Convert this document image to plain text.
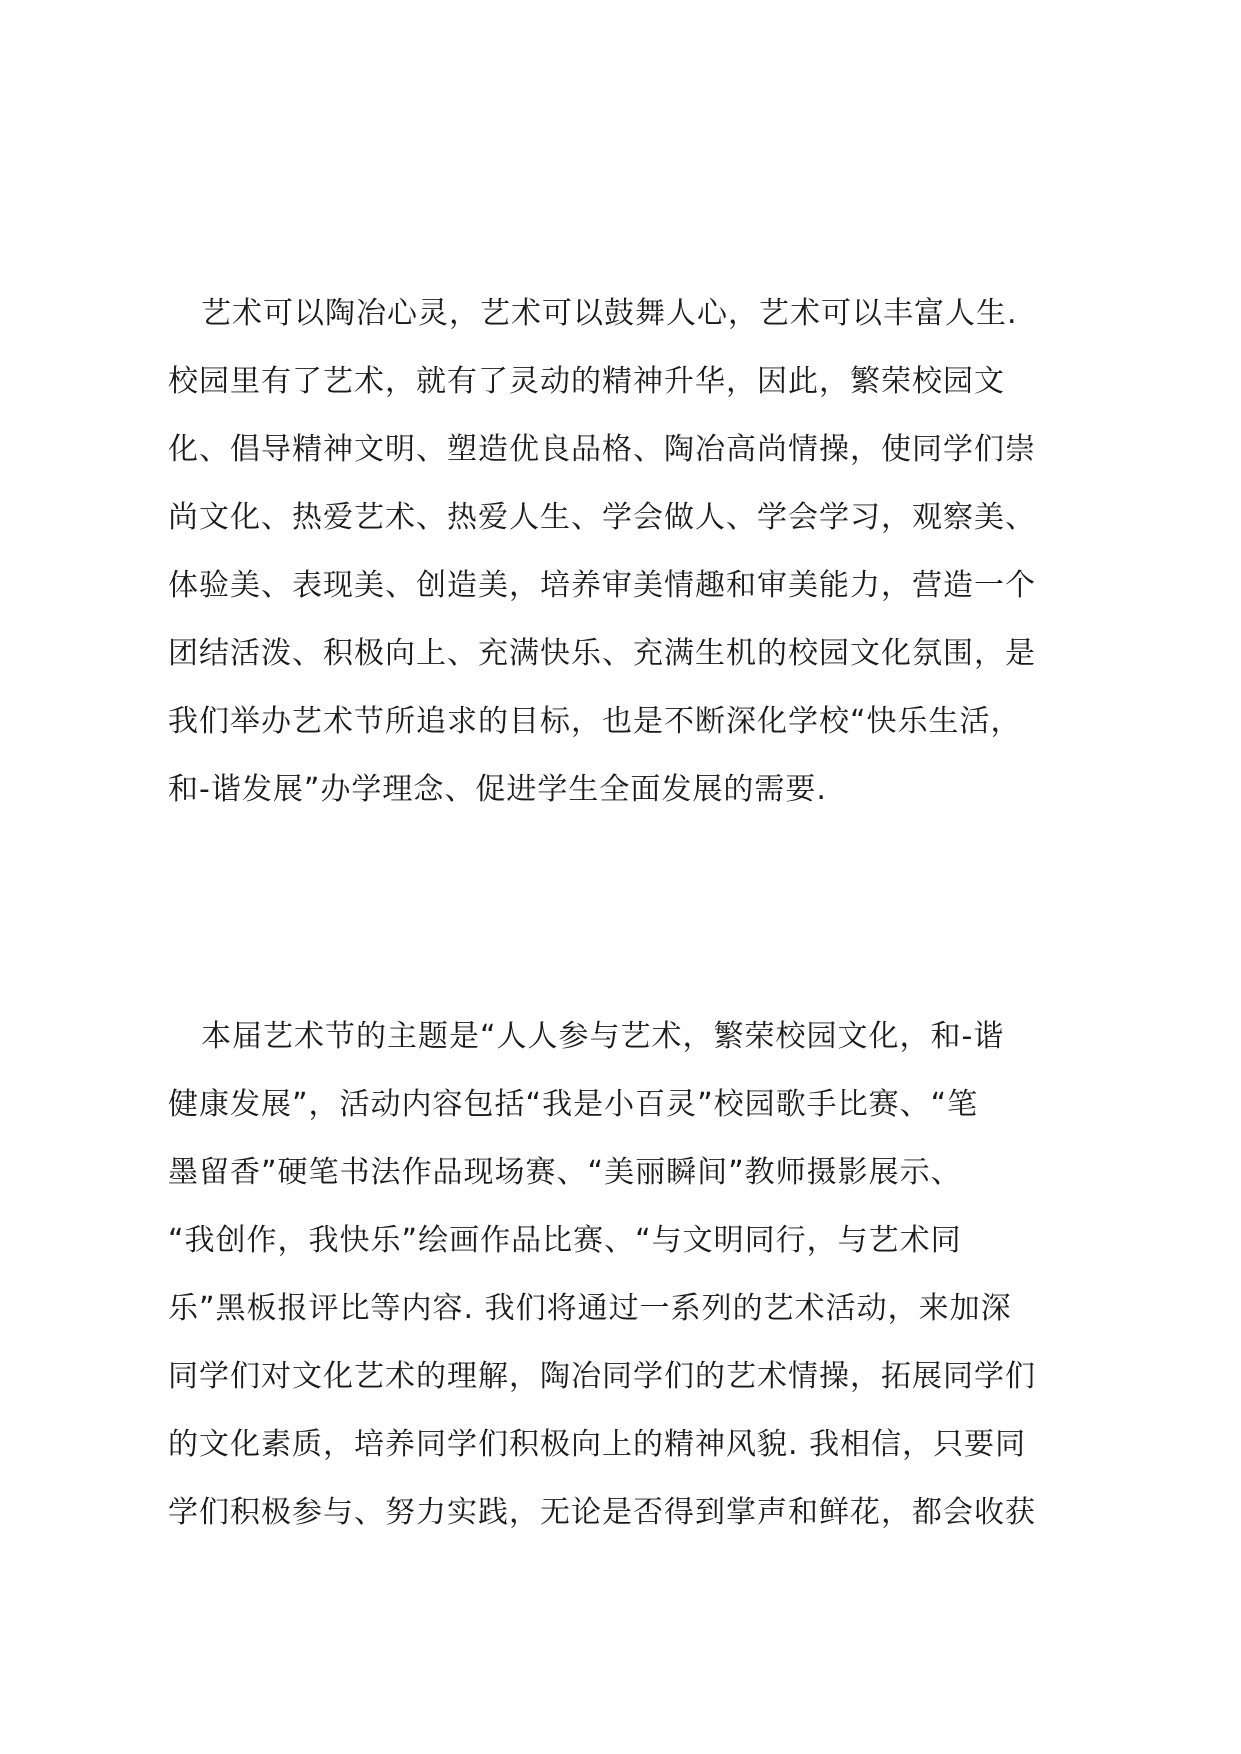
艺术可以陶冶心灵，艺术可以鼓舞人心，艺术可以丰富人生.
校园里有了艺术，就有了灵动的精神升华，因此，繁荣校园文
化、倡导精神文明、塑造优良品格、陶冶高尚情操，使同学们崇
尚文化、热爱艺术、热爱人生、学会做人、学会学习，观察美、
体验美、表现美、创造美，培养审美情趣和审美能力，营造一个
团结活泼、积极向上、充满快乐、充满生机的校园文化氛围，是
我们举办艺术节所追求的目标，也是不断深化学校“快乐生活，
和-谐发展”办学理念、促进学生全面发展的需要.

本届艺术节的主题是“人人参与艺术，繁荣校园文化，和-谐
健康发展”，活动内容包括“我是小百灵”校园歌手比赛、“笔
墨留香”硬笔书法作品现场赛、“美丽瞬间”教师摄影展示、
“我创作，我快乐”绘画作品比赛、“与文明同行，与艺术同
乐”黑板报评比等内容. 我们将通过一系列的艺术活动，来加深
同学们对文化艺术的理解，陶冶同学们的艺术情操，拓展同学们
的文化素质，培养同学们积极向上的精神风貌. 我相信，只要同
学们积极参与、努力实践，无论是否得到掌声和鲜花，都会收获
